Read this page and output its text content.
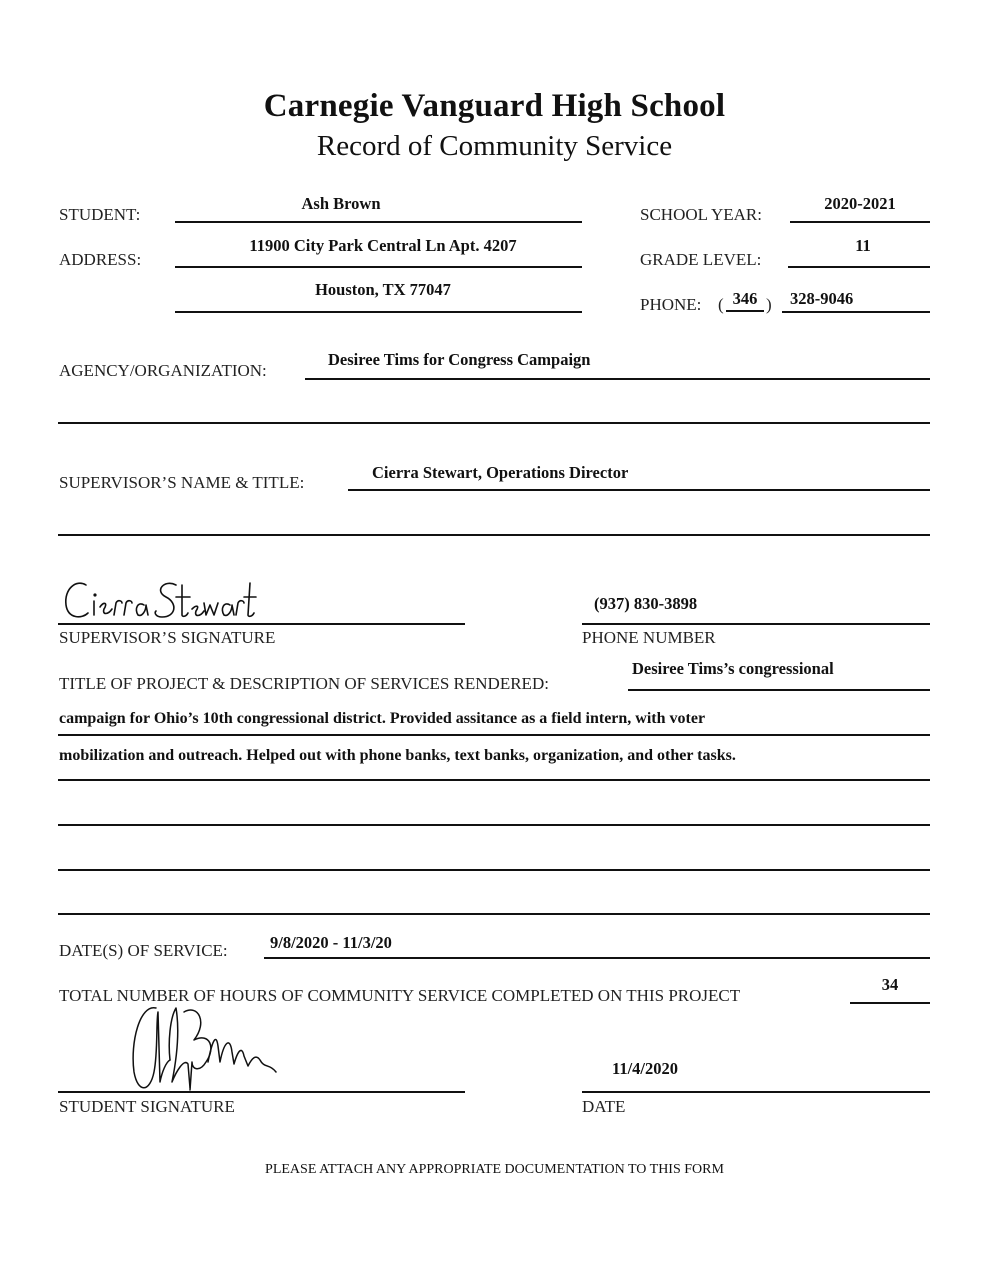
Carnegie Vanguard High School
Record of Community Service
STUDENT:
Ash Brown
ADDRESS:
11900 City Park Central Ln Apt. 4207
Houston, TX 77047
SCHOOL YEAR:
2020-2021
GRADE LEVEL:
11
PHONE: ( 346 ) 328-9046
AGENCY/ORGANIZATION:
Desiree Tims for Congress Campaign
SUPERVISOR’S NAME & TITLE:
Cierra Stewart, Operations Director
SUPERVISOR’S SIGNATURE
(937) 830-3898
PHONE NUMBER
TITLE OF PROJECT & DESCRIPTION OF SERVICES RENDERED:
Desiree Tims’s congressional
campaign for Ohio’s 10th congressional district. Provided assitance as a field intern, with voter
mobilization and outreach. Helped out with phone banks, text banks, organization, and other tasks.
DATE(S) OF SERVICE:	9/8/2020 - 11/3/20
TOTAL NUMBER OF HOURS OF COMMUNITY SERVICE COMPLETED ON THIS PROJECT
34
STUDENT SIGNATURE
11/4/2020
DATE
PLEASE ATTACH ANY APPROPRIATE DOCUMENTATION TO THIS FORM
